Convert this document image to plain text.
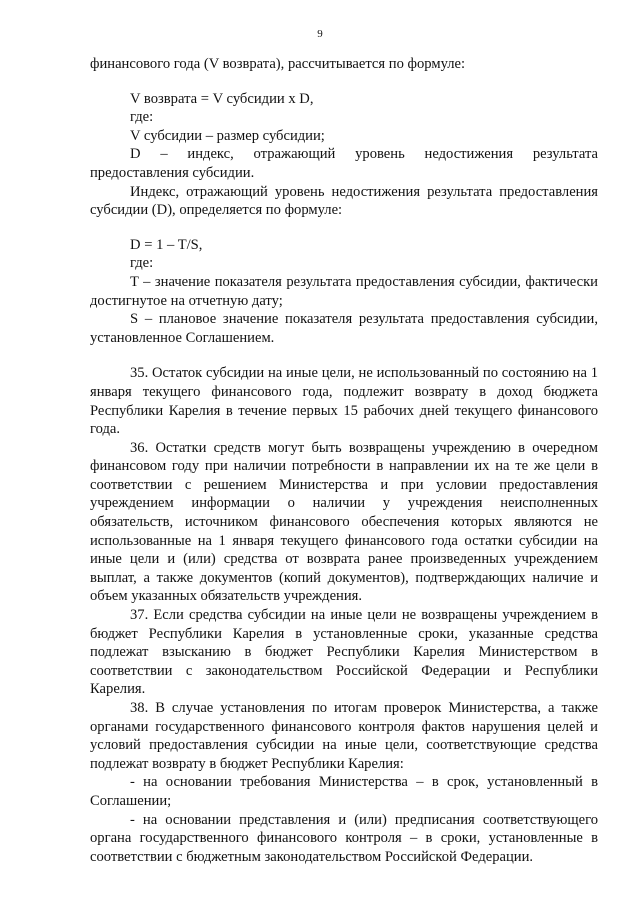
9

финансового года (V возврата), рассчитывается по формуле:

V возврата = V субсидии x D,

где:

V субсидии – размер субсидии;

D – индекс, отражающий уровень недостижения результата предоставления субсидии.

Индекс, отражающий уровень недостижения результата предоставления субсидии (D), определяется по формуле:

D = 1 – T/S,

где:

T – значение показателя результата предоставления субсидии, фактически достигнутое на отчетную дату;

S – плановое значение показателя результата предоставления субсидии, установленное Соглашением.

35. Остаток субсидии на иные цели, не использованный по состоянию на 1 января текущего финансового года, подлежит возврату в доход бюджета Республики Карелия в течение первых 15 рабочих дней текущего финансового года.

36. Остатки средств могут быть возвращены учреждению в очередном финансовом году при наличии потребности в направлении их на те же цели в соответствии с решением Министерства и при условии предоставления учреждением информации о наличии у учреждения неисполненных обязательств, источником финансового обеспечения которых являются не использованные на 1 января текущего финансового года остатки субсидии на иные цели и (или) средства от возврата ранее произведенных учреждением выплат, а также документов (копий документов), подтверждающих наличие и объем указанных обязательств учреждения.

37. Если средства субсидии на иные цели не возвращены учреждением в бюджет Республики Карелия в установленные сроки, указанные средства подлежат взысканию в бюджет Республики Карелия Министерством в соответствии с законодательством Российской Федерации и Республики Карелия.

38. В случае установления по итогам проверок Министерства, а также органами государственного финансового контроля фактов нарушения целей и условий предоставления субсидии на иные цели, соответствующие средства подлежат возврату в бюджет Республики Карелия:

- на основании требования Министерства – в срок, установленный в Соглашении;

- на основании представления и (или) предписания соответствующего органа государственного финансового контроля – в сроки, установленные в соответствии с бюджетным законодательством Российской Федерации.
